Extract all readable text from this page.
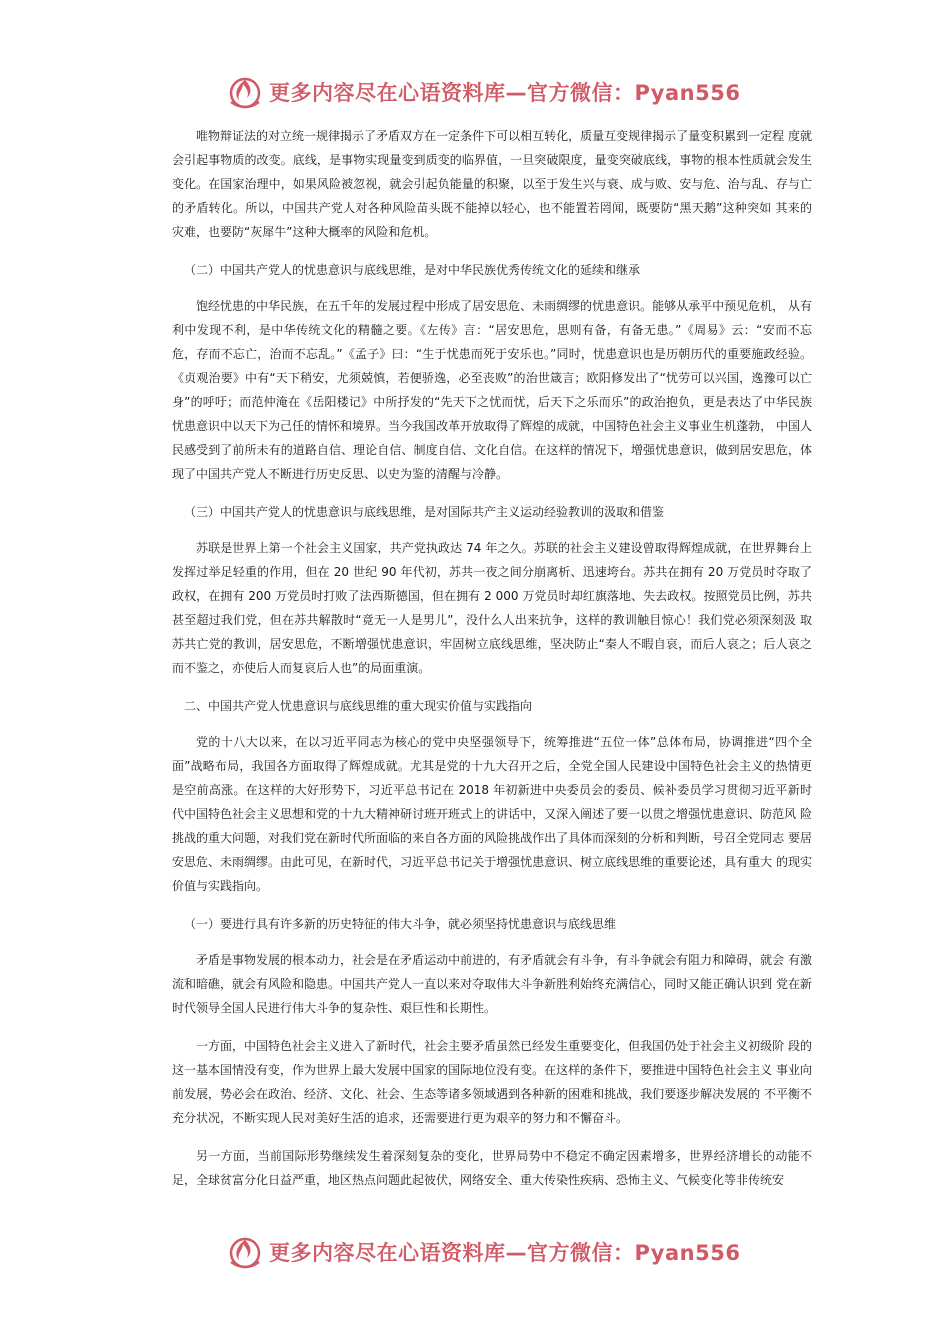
更多内容尽在心语资料库—官方微信：Pyan556

唯物辩证法的对立统一规律揭示了矛盾双方在一定条件下可以相互转化，质量互变规律揭示了量变积累到一定程 度就会引起事物质的改变。底线，是事物实现量变到质变的临界值，一旦突破限度，量变突破底线，事物的根本性质就会发生变化。在国家治理中，如果风险被忽视，就会引起负能量的积聚，以至于发生兴与衰、成与败、安与危、治与乱、存与亡的矛盾转化。所以，中国共产党人对各种风险苗头既不能掉以轻心，也不能置若罔闻，既要防“黑天鹅”这种突如 其来的灾难，也要防“灰犀牛”这种大概率的风险和危机。

（二）中国共产党人的忧患意识与底线思维，是对中华民族优秀传统文化的延续和继承

饱经忧患的中华民族，在五千年的发展过程中形成了居安思危、未雨绸缪的忧患意识。能够从承平中预见危机， 从有利中发现不利，是中华传统文化的精髓之要。《左传》言：“居安思危，思则有备，有备无患。”《周易》云：“安而不忘危，存而不忘亡，治而不忘乱。”《孟子》曰：“生于忧患而死于安乐也。”同时，忧患意识也是历朝历代的重要施政经验。《贞观治要》中有“天下稍安，尤须兢慎，若便骄逸，必至丧败”的治世箴言；欧阳修发出了“忧劳可以兴国，逸豫可以亡身”的呼吁；而范仲淹在《岳阳楼记》中所抒发的“先天下之忧而忧，后天下之乐而乐”的政治抱负，更是表达了中华民族忧患意识中以天下为己任的情怀和境界。当今我国改革开放取得了辉煌的成就，中国特色社会主义事业生机蓬勃， 中国人民感受到了前所未有的道路自信、理论自信、制度自信、文化自信。在这样的情况下，增强忧患意识，做到居安思危，体现了中国共产党人不断进行历史反思、以史为鉴的清醒与冷静。

（三）中国共产党人的忧患意识与底线思维，是对国际共产主义运动经验教训的汲取和借鉴

苏联是世界上第一个社会主义国家，共产党执政达 74 年之久。苏联的社会主义建设曾取得辉煌成就，在世界舞台上发挥过举足轻重的作用，但在 20 世纪 90 年代初，苏共一夜之间分崩离析、迅速垮台。苏共在拥有 20 万党员时夺取了政权，在拥有 200 万党员时打败了法西斯德国，但在拥有 2 000 万党员时却红旗落地、失去政权。按照党员比例，苏共甚至超过我们党，但在苏共解散时“竟无一人是男儿”，没什么人出来抗争，这样的教训触目惊心！我们党必须深刻汲 取苏共亡党的教训，居安思危，不断增强忧患意识，牢固树立底线思维，坚决防止“秦人不暇自哀，而后人哀之；后人哀之而不鉴之，亦使后人而复哀后人也”的局面重演。

二、中国共产党人忧患意识与底线思维的重大现实价值与实践指向

党的十八大以来，在以习近平同志为核心的党中央坚强领导下，统筹推进“五位一体”总体布局，协调推进“四个全面”战略布局，我国各方面取得了辉煌成就。尤其是党的十九大召开之后，全党全国人民建设中国特色社会主义的热情更 是空前高涨。在这样的大好形势下，习近平总书记在 2018 年初新进中央委员会的委员、候补委员学习贯彻习近平新时 代中国特色社会主义思想和党的十九大精神研讨班开班式上的讲话中，又深入阐述了要一以贯之增强忧患意识、防范风 险挑战的重大问题，对我们党在新时代所面临的来自各方面的风险挑战作出了具体而深刻的分析和判断，号召全党同志 要居安思危、未雨绸缪。由此可见，在新时代，习近平总书记关于增强忧患意识、树立底线思维的重要论述，具有重大 的现实价值与实践指向。

（一）要进行具有许多新的历史特征的伟大斗争，就必须坚持忧患意识与底线思维

矛盾是事物发展的根本动力，社会是在矛盾运动中前进的，有矛盾就会有斗争，有斗争就会有阻力和障碍，就会 有激流和暗礁，就会有风险和隐患。中国共产党人一直以来对夺取伟大斗争新胜利始终充满信心，同时又能正确认识到 党在新时代领导全国人民进行伟大斗争的复杂性、艰巨性和长期性。

一方面，中国特色社会主义进入了新时代，社会主要矛盾虽然已经发生重要变化，但我国仍处于社会主义初级阶 段的这一基本国情没有变，作为世界上最大发展中国家的国际地位没有变。在这样的条件下，要推进中国特色社会主义 事业向前发展，势必会在政治、经济、文化、社会、生态等诸多领域遇到各种新的困难和挑战，我们要逐步解决发展的 不平衡不充分状况，不断实现人民对美好生活的追求，还需要进行更为艰辛的努力和不懈奋斗。

另一方面，当前国际形势继续发生着深刻复杂的变化，世界局势中不稳定不确定因素增多，世界经济增长的动能不足，全球贫富分化日益严重，地区热点问题此起彼伏，网络安全、重大传染性疾病、恐怖主义、气候变化等非传统安

更多内容尽在心语资料库—官方微信：Pyan556
